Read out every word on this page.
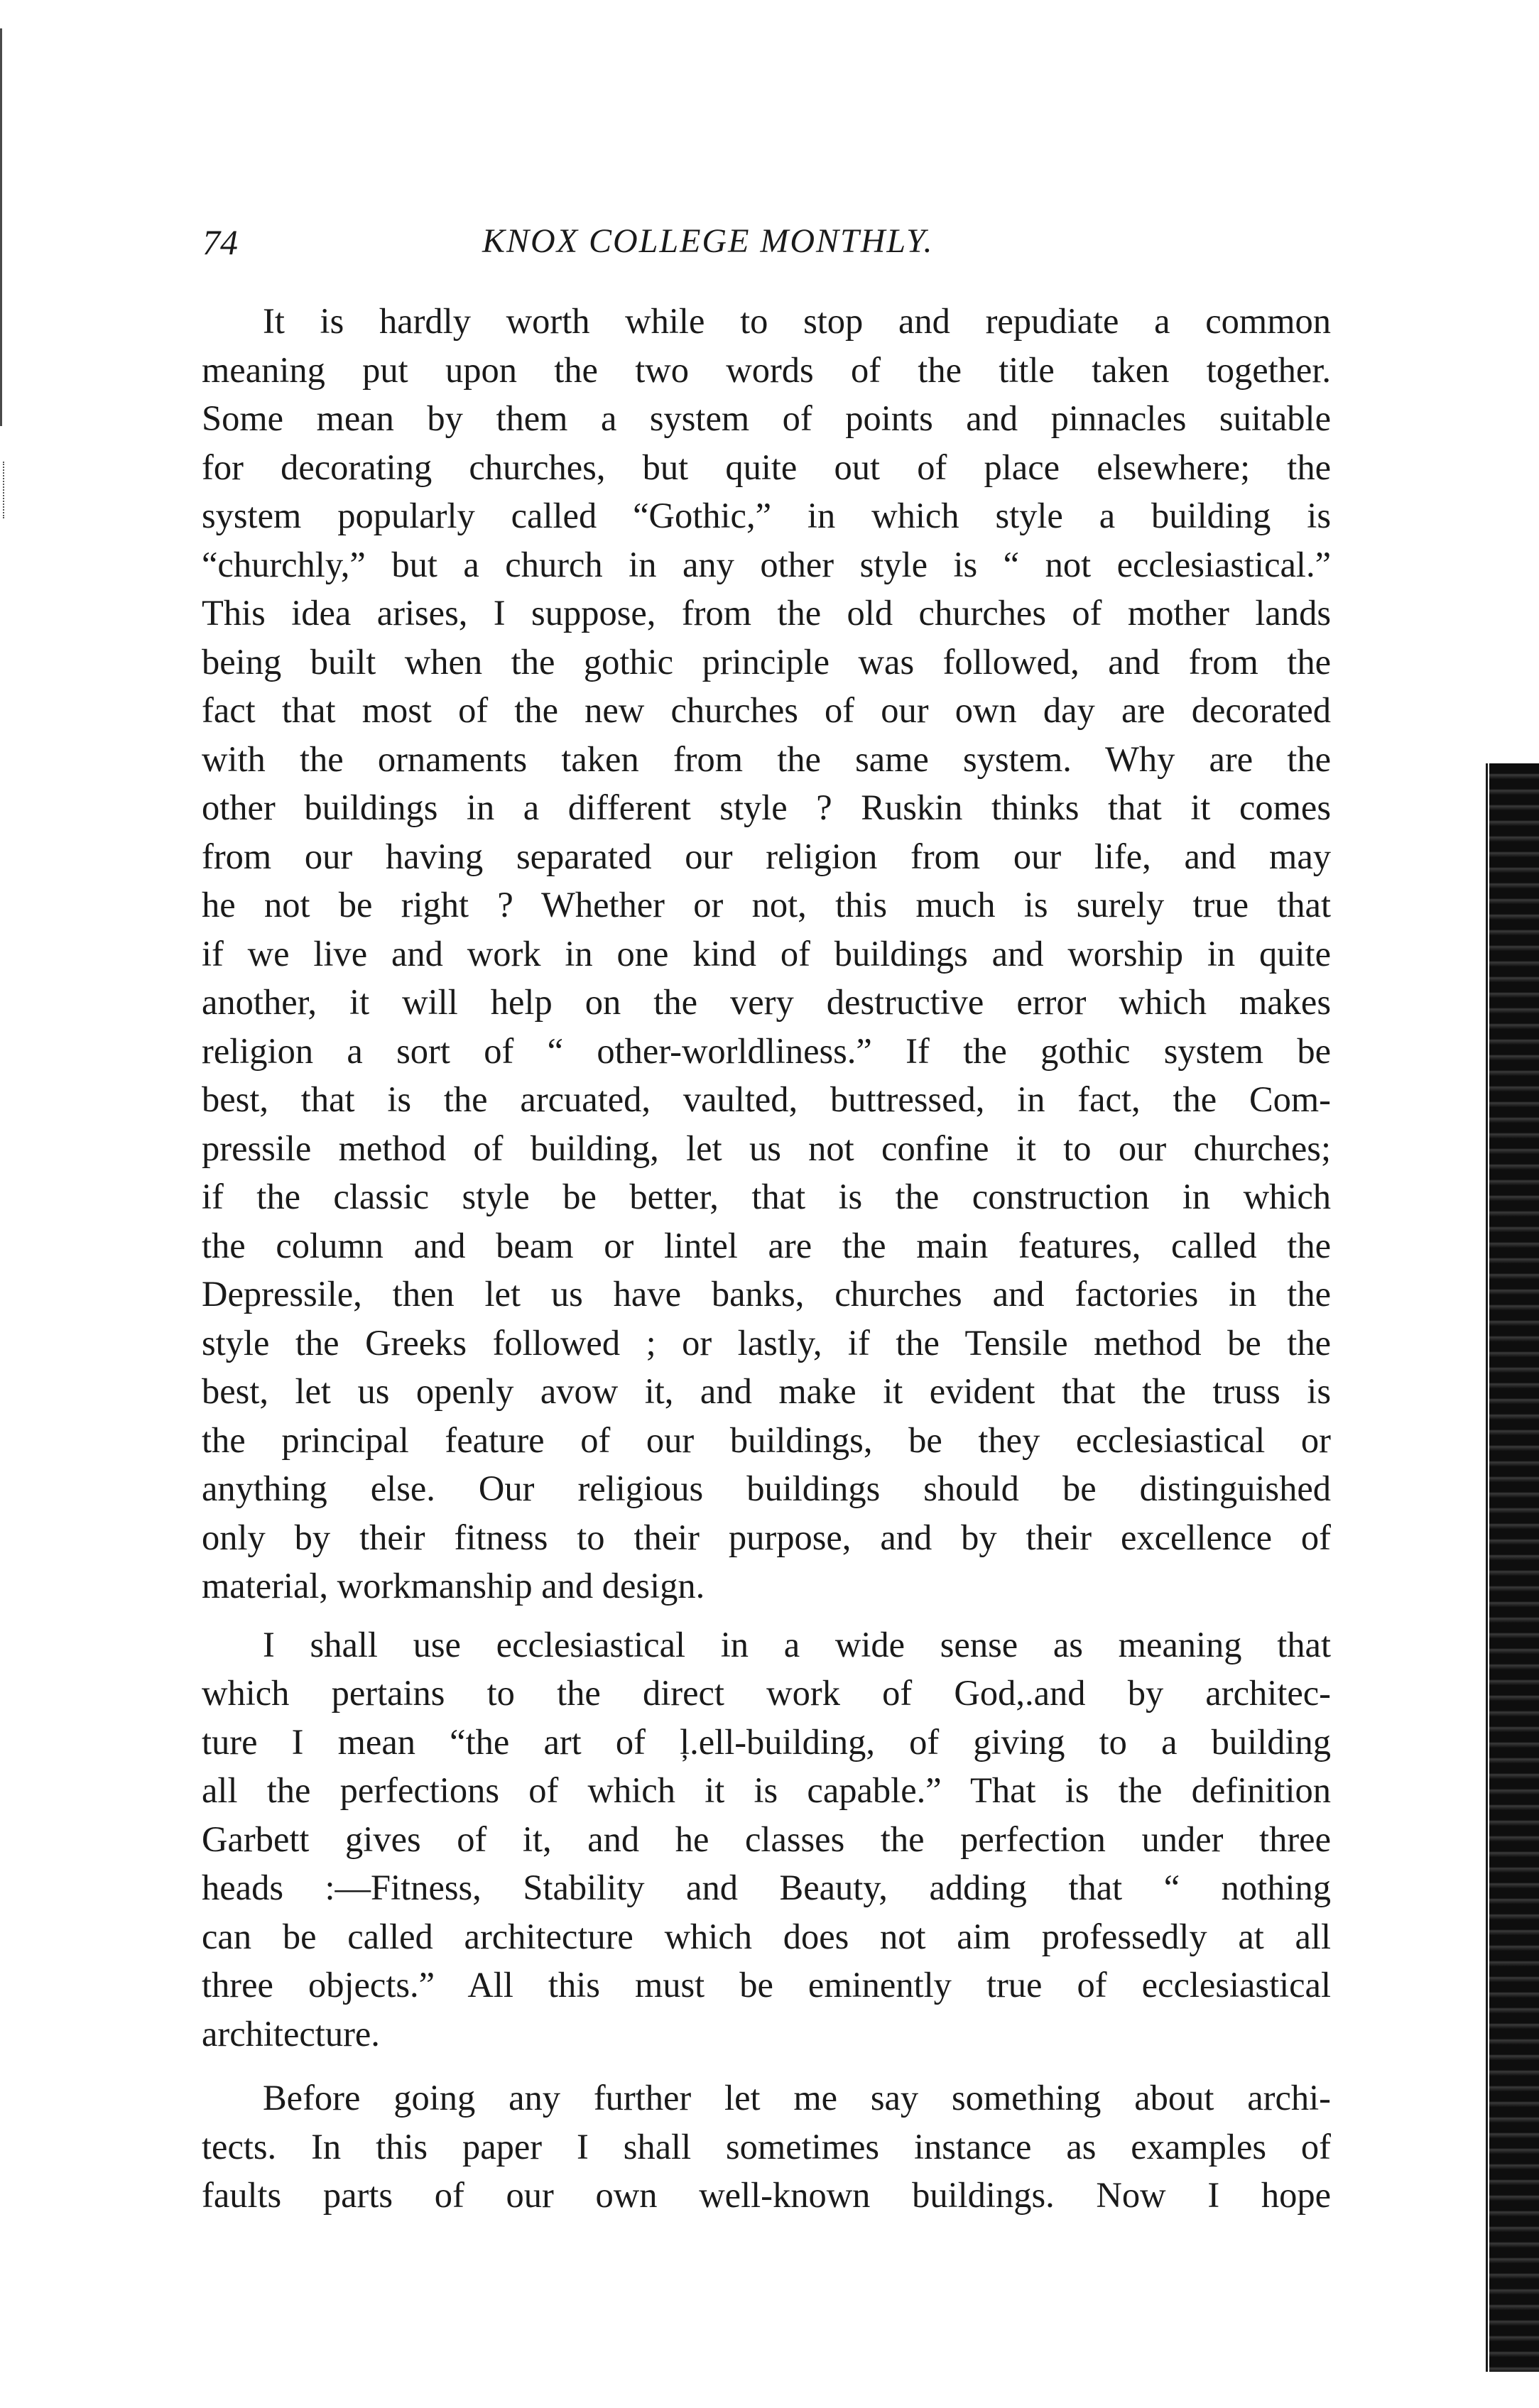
74	KNOX COLLEGE MONTHLY.
It is hardly worth while to stop and repudiate a common
meaning put upon the two words of the title taken together.
Some mean by them a system of points and pinnacles suitable
for decorating churches, but quite out of place elsewhere; the
system popularly called “Gothic,” in which style a building is
“churchly,” but a church in any other style is “ not ecclesiastical.”
This idea arises, I suppose, from the old churches of mother lands
being built when the gothic principle was followed, and from the
fact that most of the new churches of our own day are decorated
with the ornaments taken from the same system. Why are the
other buildings in a different style ? Ruskin thinks that it comes
from our having separated our religion from our life, and may
he not be right ? Whether or not, this much is surely true that
if we live and work in one kind of buildings and worship in quite
another, it will help on the very destructive error which makes
religion a sort of “ other-worldliness.” If the gothic system be
best, that is the arcuated, vaulted, buttressed, in fact, the Com-
pressile method of building, let us not confine it to our churches;
if the classic style be better, that is the construction in which
the column and beam or lintel are the main features, called the
Depressile, then let us have banks, churches and factories in the
style the Greeks followed ; or lastly, if the Tensile method be the
best, let us openly avow it, and make it evident that the truss is
the principal feature of our buildings, be they ecclesiastical or
anything else. Our religious buildings should be distinguished
only by their fitness to their purpose, and by their excellence of
material, workmanship and design.
I shall use ecclesiastical in a wide sense as meaning that
which pertains to the direct work of God,.and by architec-
ture I mean “the art of ļ.ell-building, of giving to a building
all the perfections of which it is capable.” That is the definition
Garbett gives of it, and he classes the perfection under three
heads :—Fitness, Stability and Beauty, adding that “ nothing
can be called architecture which does not aim professedly at all
three objects.” All this must be eminently true of ecclesiastical
architecture.
Before going any further let me say something about archi-
tects. In this paper I shall sometimes instance as examples of
faults parts of our own well-known buildings. Now I hope
